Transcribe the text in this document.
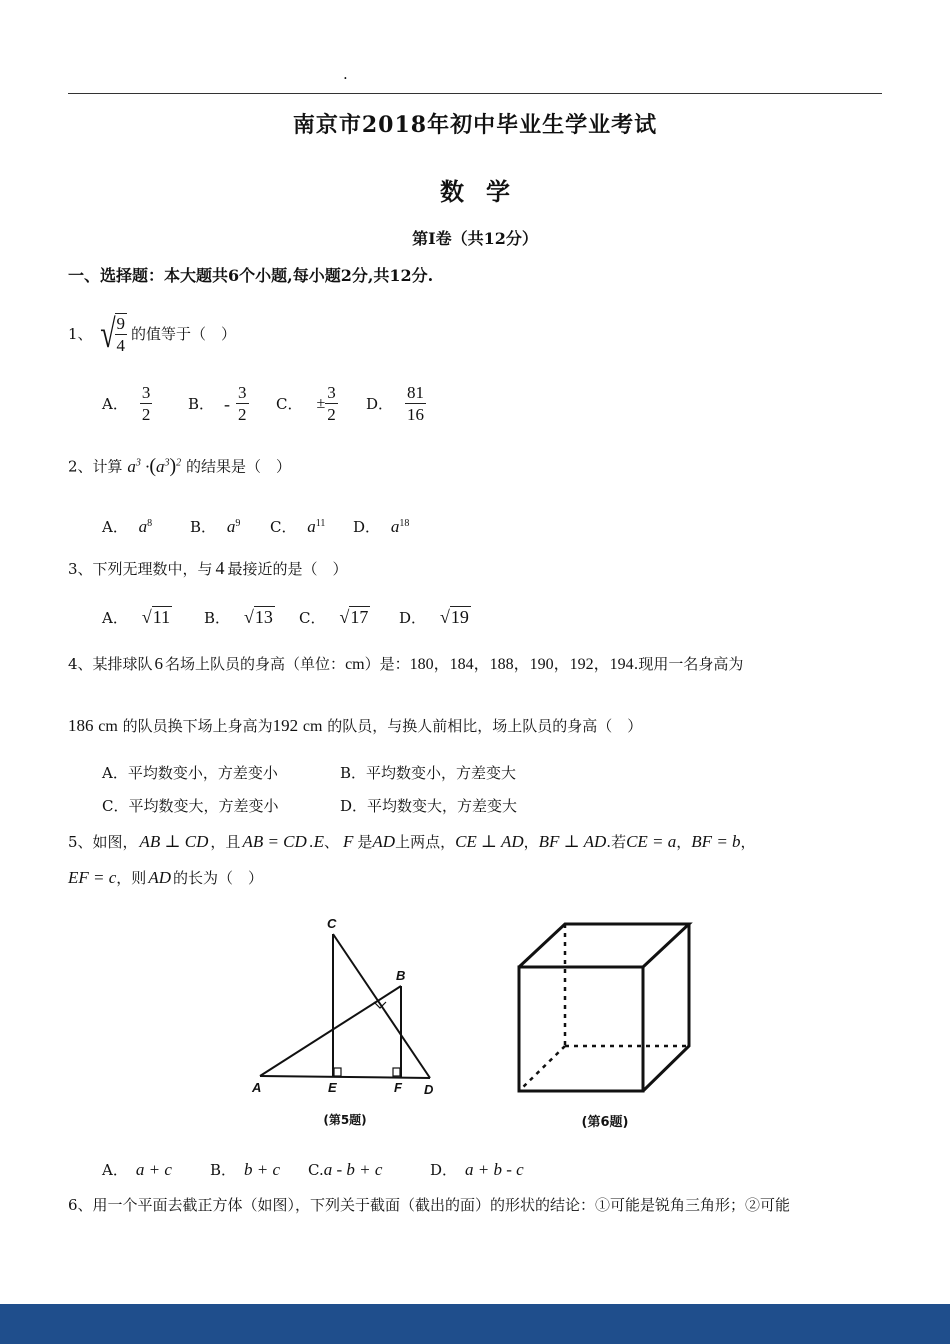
.
南京市2018年初中毕业生学业考试
数学
第Ⅰ卷（共12分）
一、选择题：本大题共6个小题,每小题2分,共12分.
1、 √ $\frac{9}{4}$ 的值等于（　）
A． $\frac{3}{2}$ B． - $\frac{3}{2}$ C． ± $\frac{3}{2}$ D． $\frac{81}{16}$
2、计算 $a^3 \cdot(a^3)^2$ 的结果是（　）
A． $a^8$	B． $a^9$	C． $a^{11}$	D． $a^{18}$
3、下列无理数中，与 4 最接近的是（　）
A． √11	B． √13	C． √17	D． √19
4、某排球队 6 名场上队员的身高（单位：cm）是：180，184，188，190，192，194.现用一名身高为
186 cm 的队员换下场上身高为192 cm 的队员，与换人前相比，场上队员的身高（　）
A．平均数变小，方差变小	B．平均数变小，方差变大
C．平均数变大，方差变小	D．平均数变大，方差变大
5、如图， AB ⊥ CD ，且 AB = CD .E、 F 是AD上两点，CE ⊥ AD，BF ⊥ AD.若CE = a，BF = b，
EF = c，则 AD 的长为（　）
C
B
A	E	F D
(第5题)	(第6题)
A． a + c	B． b + c	C.a - b + c	D． a + b - c
6、用一个平面去截正方体（如图），下列关于截面（截出的面）的形状的结论：①可能是锐角三角形；②可能
